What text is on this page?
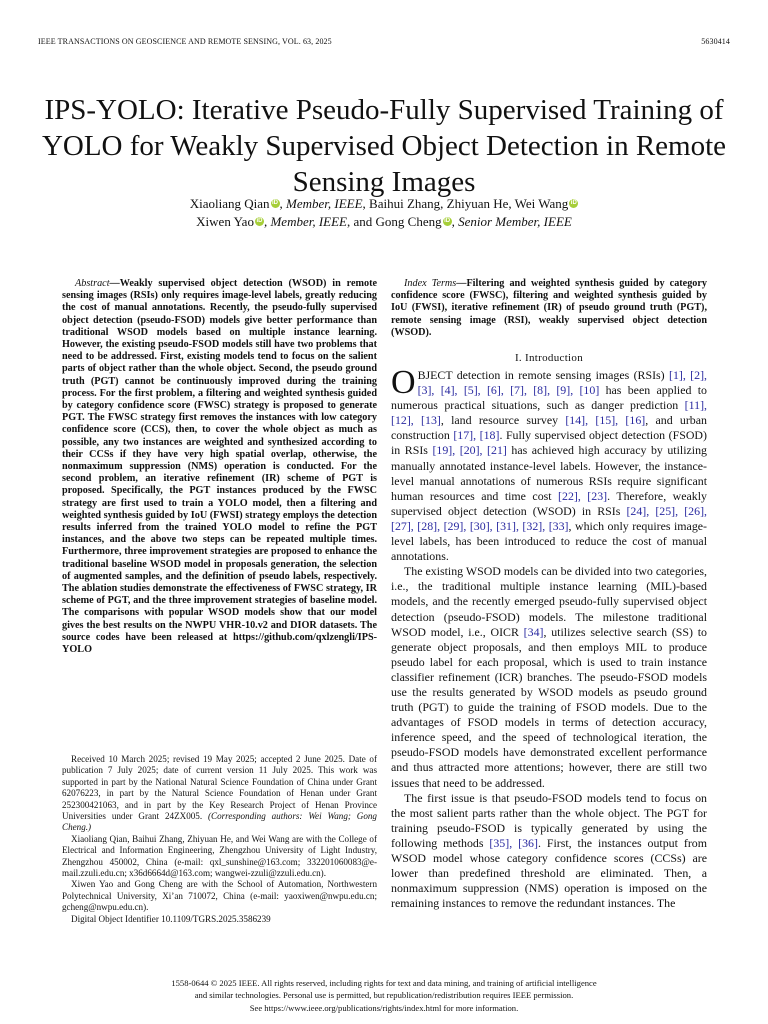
IEEE TRANSACTIONS ON GEOSCIENCE AND REMOTE SENSING, VOL. 63, 2025	5630414
IPS-YOLO: Iterative Pseudo-Fully Supervised Training of YOLO for Weakly Supervised Object Detection in Remote Sensing Images
Xiaoliang Qian iD , Member, IEEE, Baihui Zhang, Zhiyuan He, Wei Wang iD
Xiwen Yao iD , Member, IEEE, and Gong Cheng iD , Senior Member, IEEE
Abstract—Weakly supervised object detection (WSOD) in remote sensing images (RSIs) only requires image-level labels, greatly reducing the cost of manual annotations. Recently, the pseudo-fully supervised object detection (pseudo-FSOD) models give better performance than traditional WSOD models based on multiple instance learning. However, the existing pseudo-FSOD models still have two problems that need to be addressed. First, existing models tend to focus on the salient parts of object rather than the whole object. Second, the pseudo ground truth (PGT) cannot be continuously improved during the training process. For the first problem, a filtering and weighted synthesis guided by category confidence score (FWSC) strategy is proposed to generate PGT. The FWSC strategy first removes the instances with low category confidence score (CCS), then, to cover the whole object as much as possible, any two instances are weighted and synthesized according to their CCSs if they have very high spatial overlap, otherwise, the nonmaximum suppression (NMS) operation is conducted. For the second problem, an iterative refinement (IR) scheme of PGT is proposed. Specifically, the PGT instances produced by the FWSC strategy are first used to train a YOLO model, then a filtering and weighted synthesis guided by IoU (FWSI) strategy employs the detection results inferred from the trained YOLO model to refine the PGT instances, and the above two steps can be repeated multiple times. Furthermore, three improvement strategies are proposed to enhance the traditional baseline WSOD model in proposals generation, the selection of augmented samples, and the definition of pseudo labels, respectively. The ablation studies demonstrate the effectiveness of FWSC strategy, IR scheme of PGT, and the three improvement strategies of baseline model. The comparisons with popular WSOD models show that our model gives the best results on the NWPU VHR-10.v2 and DIOR datasets. The source codes have been released at https://github.com/qxlzengli/IPS-YOLO

Received 10 March 2025; revised 19 May 2025; accepted 2 June 2025. Date of publication 7 July 2025; date of current version 11 July 2025. This work was supported in part by the National Natural Science Foundation of China under Grant 62076223, in part by the Natural Science Foundation of Henan under Grant 252300421063, and in part by the Key Research Project of Henan Province Universities under Grant 24ZX005. (Corresponding authors: Wei Wang; Gong Cheng.)

Xiaoliang Qian, Baihui Zhang, Zhiyuan He, and Wei Wang are with the College of Electrical and Information Engineering, Zhengzhou University of Light Industry, Zhengzhou 450002, China (e-mail: qxl_sunshine@163.com; 332201060083@e-mail.zzuli.edu.cn; x36d6664d@163.com; wangwei-zzuli@zzuli.edu.cn).

Xiwen Yao and Gong Cheng are with the School of Automation, Northwestern Polytechnical University, Xi’an 710072, China (e-mail: yaoxiwen@nwpu.edu.cn; gcheng@nwpu.edu.cn).

Digital Object Identifier 10.1109/TGRS.2025.3586239

Index Terms—Filtering and weighted synthesis guided by category confidence score (FWSC), filtering and weighted synthesis guided by IoU (FWSI), iterative refinement (IR) of pseudo ground truth (PGT), remote sensing image (RSI), weakly supervised object detection (WSOD).
I. Introduction

OBJECT detection in remote sensing images (RSIs) [1], [2], [3], [4], [5], [6], [7], [8], [9], [10] has been applied to numerous practical situations, such as danger prediction [11], [12], [13], land resource survey [14], [15], [16], and urban construction [17], [18]. Fully supervised object detection (FSOD) in RSIs [19], [20], [21] has achieved high accuracy by utilizing manually annotated instance-level labels. However, the instance-level manual annotations of numerous RSIs require significant human resources and time cost [22], [23]. Therefore, weakly supervised object detection (WSOD) in RSIs [24], [25], [26], [27], [28], [29], [30], [31], [32], [33], which only requires image-level labels, has been introduced to reduce the cost of manual annotations.

The existing WSOD models can be divided into two categories, i.e., the traditional multiple instance learning (MIL)-based models, and the recently emerged pseudo-fully supervised object detection (pseudo-FSOD) models. The milestone traditional WSOD model, i.e., OICR [34], utilizes selective search (SS) to generate object proposals, and then employs MIL to produce pseudo label for each proposal, which is used to train instance classifier refinement (ICR) branches. The pseudo-FSOD models use the results generated by WSOD models as pseudo ground truth (PGT) to guide the training of FSOD models. Due to the advantages of FSOD models in terms of detection accuracy, inference speed, and the speed of technological iteration, the pseudo-FSOD models have demonstrated excellent performance and thus attracted more attentions; however, there are still two issues that need to be addressed.

The first issue is that pseudo-FSOD models tend to focus on the most salient parts rather than the whole object. The PGT for training pseudo-FSOD is typically generated by using the following methods [35], [36]. First, the instances output from WSOD model whose category confidence scores (CCSs) are lower than predefined threshold are eliminated. Then, a nonmaximum suppression (NMS) operation is imposed on the remaining instances to remove the redundant instances. The

1558-0644 © 2025 IEEE. All rights reserved, including rights for text and data mining, and training of artificial intelligence
and similar technologies. Personal use is permitted, but republication/redistribution requires IEEE permission.
See https://www.ieee.org/publications/rights/index.html for more information.
